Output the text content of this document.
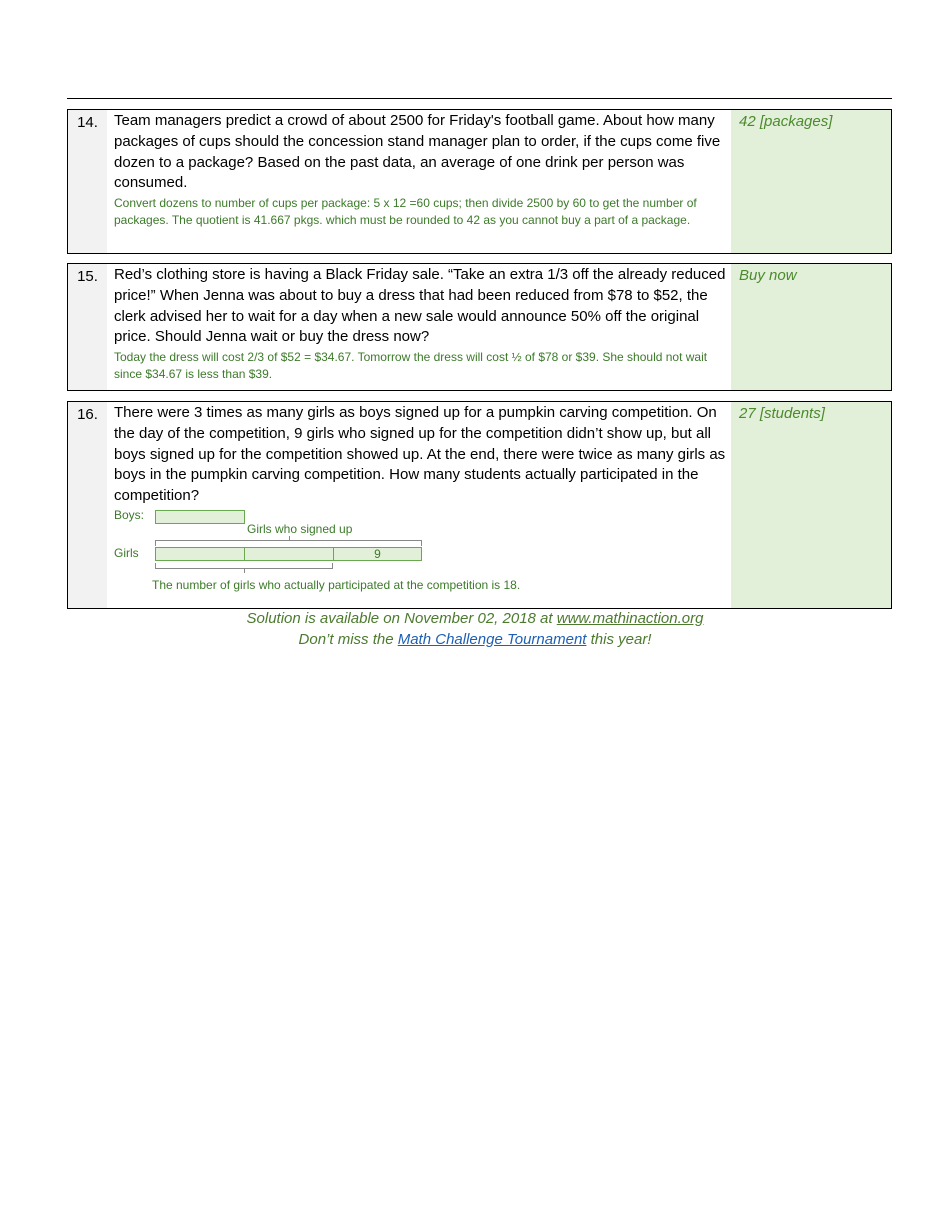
14.	Team managers predict a crowd of about 2500 for Friday's football game. About how many packages of cups should the concession stand manager plan to order, if the cups come five dozen to a package? Based on the past data, an average of one drink per person was consumed.
Convert dozens to number of cups per package: 5 x 12 =60 cups; then divide 2500 by 60 to get the number of packages. The quotient is 41.667 pkgs. which must be rounded to 42 as you cannot buy a part of a package.
42 [packages]
15.	Red’s clothing store is having a Black Friday sale. “Take an extra 1/3 off the already reduced price!” When Jenna was about to buy a dress that had been reduced from $78 to $52, the clerk advised her to wait for a day when a new sale would announce 50% off the original price. Should Jenna wait or buy the dress now?
Today the dress will cost 2/3 of $52 = $34.67. Tomorrow the dress will cost ½ of $78 or $39. She should not wait since $34.67 is less than $39.
Buy now
16.	There were 3 times as many girls as boys signed up for a pumpkin carving competition. On the day of the competition, 9 girls who signed up for the competition didn’t show up, but all boys signed up for the competition showed up. At the end, there were twice as many girls as boys in the pumpkin carving competition. How many students actually participated in the competition?
Boys:
Girls who signed up
Girls	9
The number of girls who actually participated at the competition is 18.
27 [students]
Solution is available on November 02, 2018 at www.mathinaction.org
Don’t miss the Math Challenge Tournament this year!
